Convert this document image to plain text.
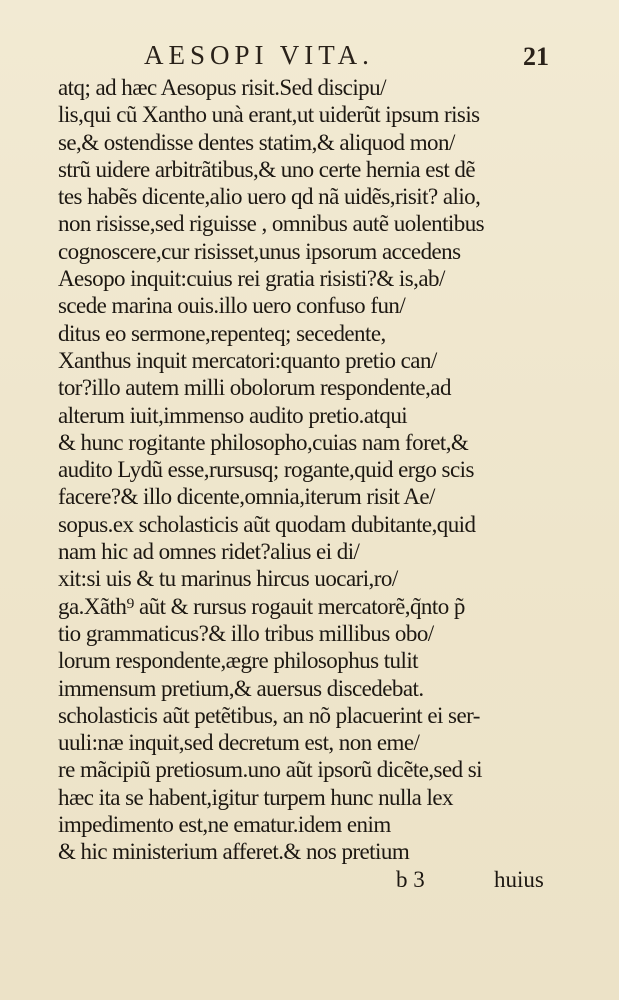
AESOPI VITA.	21
atq; ad hæc Aesopus risit.Sed discipu/
lis,qui cũ Xantho unà erant,ut uiderũt ipsum risis
se,& ostendisse dentes statim,& aliquod mon/
strũ uidere arbitrãtibus,& uno certe hernia est dẽ
tes habẽs dicente,alio uero qd nã uidẽs,risit? alio,
non risisse,sed riguisse , omnibus autẽ uolentibus
cognoscere,cur risisset,unus ipsorum accedens
Aesopo inquit:cuius rei gratia risisti?& is,ab/
scede marina ouis.illo uero confuso fun/
ditus eo sermone,repenteq; secedente,
Xanthus inquit mercatori:quanto pretio can/
tor?illo autem milli obolorum respondente,ad
alterum iuit,immenso audito pretio.atqui
& hunc rogitante philosopho,cuias nam foret,&
audito Lydũ esse,rursusq; rogante,quid ergo scis
facere?& illo dicente,omnia,iterum risit Ae/
sopus.ex scholasticis aũt quodam dubitante,quid
nam hic ad omnes ridet?alius ei di/
xit:si uis & tu marinus hircus uocari,ro/
ga.Xãth⁹ aũt & rursus rogauit mercatorẽ,q̃nto p̃
tio grammaticus?& illo tribus millibus obo/
lorum respondente,ægre philosophus tulit
immensum pretium,& auersus discedebat.
scholasticis aũt petẽtibus, an nõ placuerint ei ser-
uuli:næ inquit,sed decretum est, non eme/
re mãcipiũ pretiosum.uno aũt ipsorũ dicẽte,sed si
hæc ita se habent,igitur turpem hunc nulla lex
impedimento est,ne ematur.idem enim
& hic ministerium afferet.& nos pretium
b 3	huius
